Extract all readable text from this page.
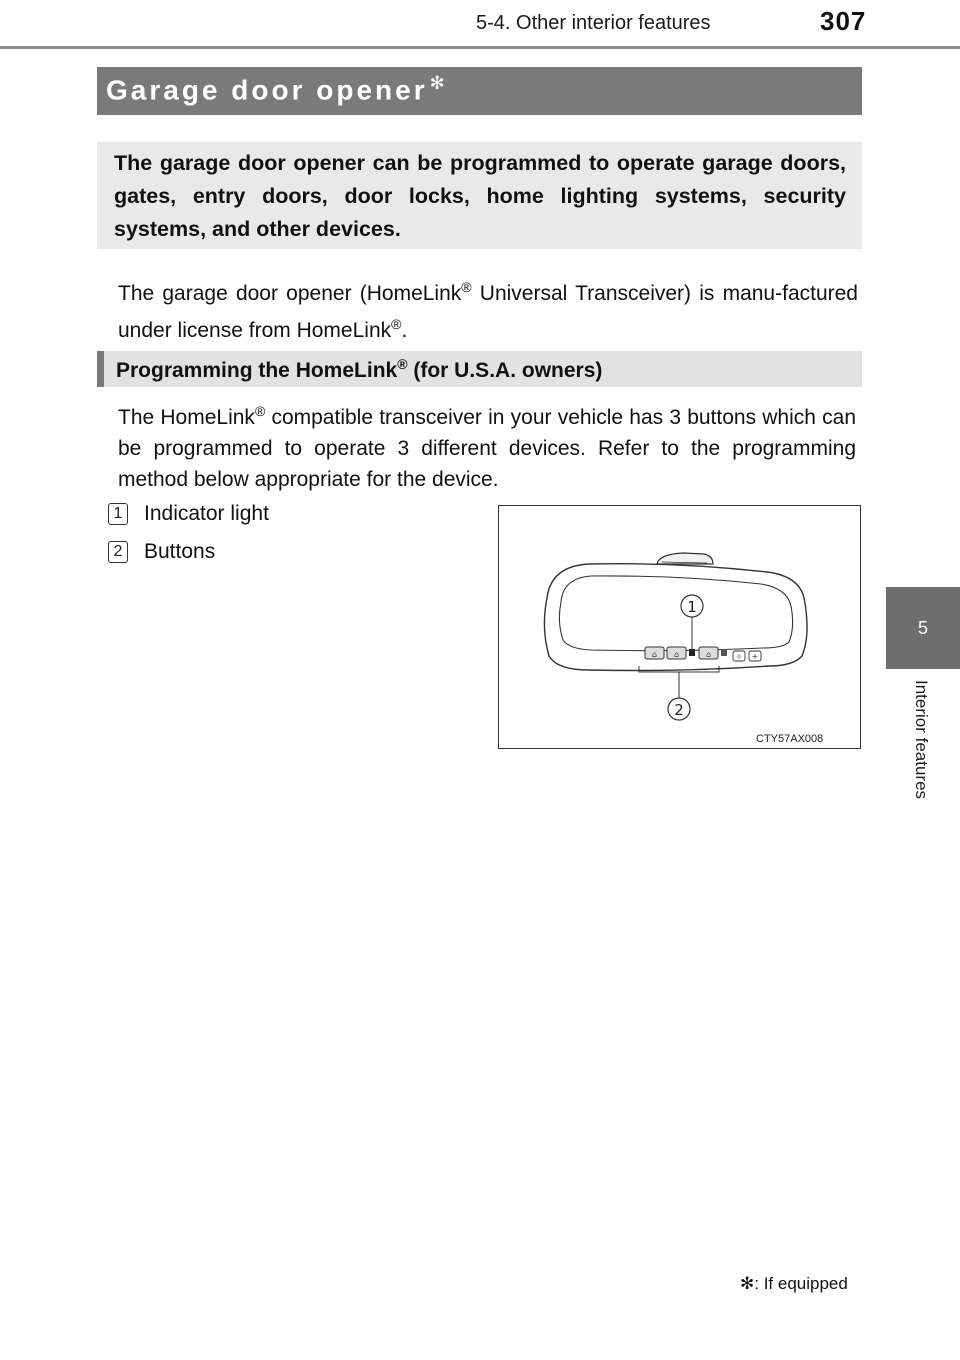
5-4. Other interior features	307
5
Interior features
Garage door opener ✻
The garage door opener can be programmed to operate garage doors, gates, entry doors, door locks, home lighting systems, security systems, and other devices.
The garage door opener (HomeLink® Universal Transceiver) is manu-factured under license from HomeLink®.
Programming the HomeLink® (for U.S.A. owners)
The HomeLink® compatible transceiver in your vehicle has 3 buttons which can be programmed to operate 3 different devices. Refer to the programming method below appropriate for the device.
1 Indicator light
2 Buttons
⌂ ⌂	⌂	☼ +
1
2
CTY57AX008
✻: If equipped
